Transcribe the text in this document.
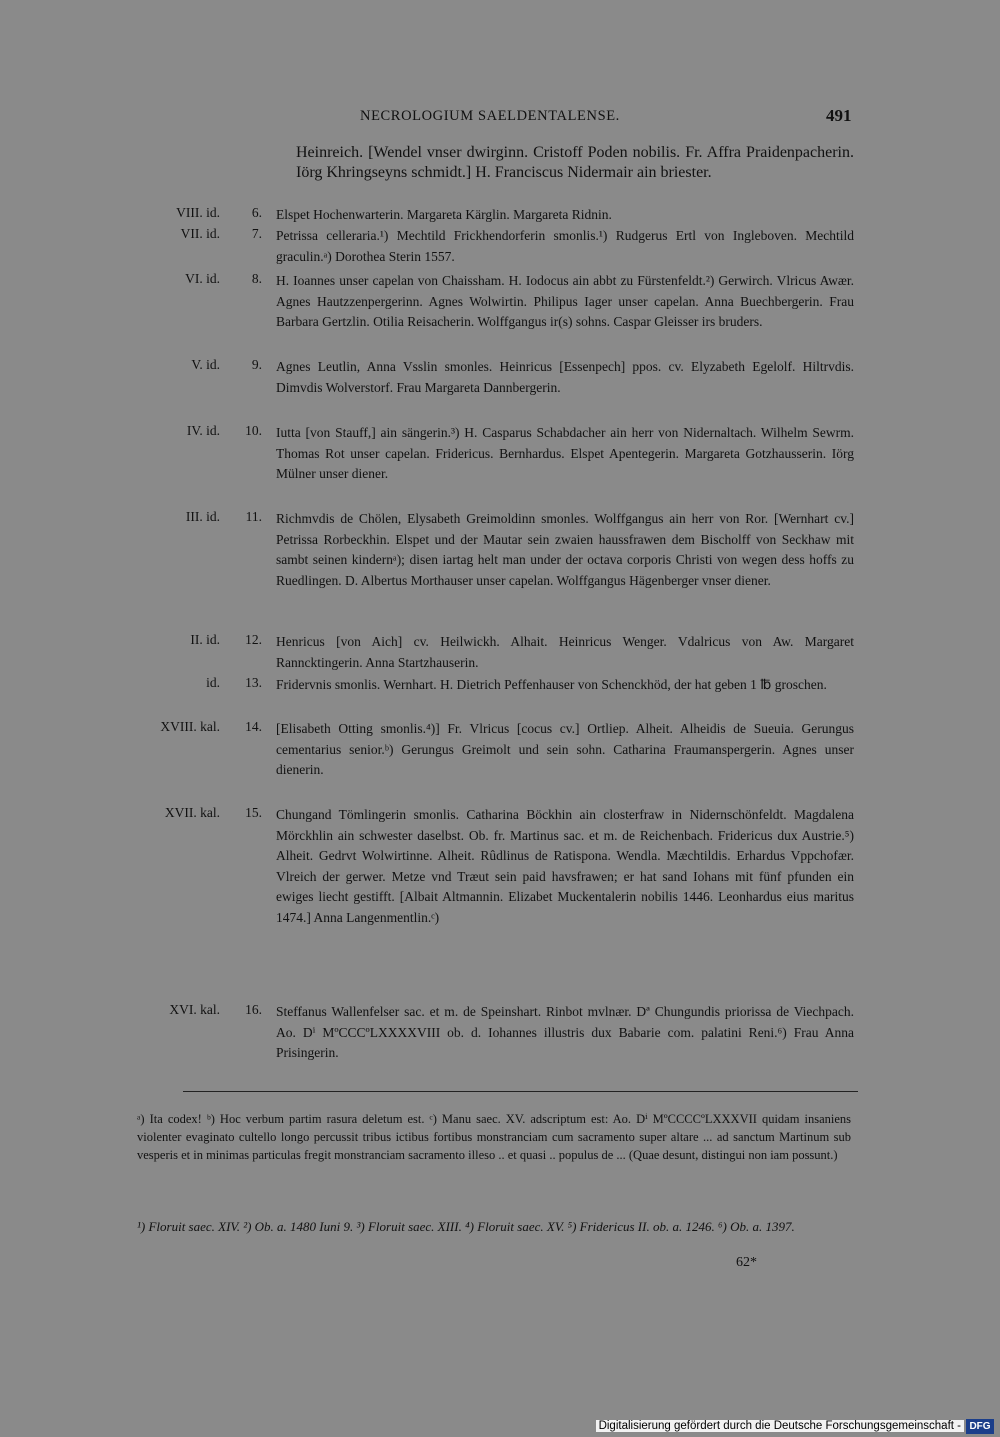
NECROLOGIUM SAELDENTALENSE.	491
Heinreich. [Wendel vnser dwirginn. Cristoff Poden nobilis. Fr. Affra Praidenpacherin. Iörg Khringseyns schmidt.] H. Franciscus Nidermair ain briester.
VIII. id.	6. Elspet Hochenwarterin. Margareta Kärglin. Margareta Ridnin.
VII. id.	7. Petrissa celleraria.¹) Mechtild Frickhendorferin smonlis.¹) Rudgerus Ertl von Ingleboven. Mechtild graculin.ᵃ) Dorothea Sterin 1557.
VI. id.	8. H. Ioannes unser capelan von Chaissham. H. Iodocus ain abbt zu Fürstenfeldt.²) Gerwirch. Vlricus Awær. Agnes Hautzzenpergerinn. Agnes Wolwirtin. Philipus Iager unser capelan. Anna Buechbergerin. Frau Barbara Gertzlin. Otilia Reisacherin. Wolffgangus ir(s) sohns. Caspar Gleisser irs bruders.
V. id.	9. Agnes Leutlin, Anna Vsslin smonles. Heinricus [Essenpech] ppos. cv. Elyzabeth Egelolf. Hiltrvdis. Dimvdis Wolverstorf. Frau Margareta Dannbergerin.
IV. id.	10. Iutta [von Stauff,] ain sängerin.³) H. Casparus Schabdacher ain herr von Nidernaltach. Wilhelm Sewrm. Thomas Rot unser capelan. Fridericus. Bernhardus. Elspet Apentegerin. Margareta Gotzhausserin. Iörg Mülner unser diener.
III. id.	11. Richmvdis de Chölen, Elysabeth Greimoldinn smonles. Wolffgangus ain herr von Ror. [Wernhart cv.] Petrissa Rorbeckhin. Elspet und der Mautar sein zwaien haussfrawen dem Bischolff von Seckhaw mit sambt seinen kindernᵃ); disen iartag helt man under der octava corporis Christi von wegen dess hoffs zu Ruedlingen. D. Albertus Morthauser unser capelan. Wolffgangus Hägenberger vnser diener.
II. id.	12. Henricus [von Aich] cv. Heilwickh. Alhait. Heinricus Wenger. Vdalricus von Aw. Margaret Ranncktingerin. Anna Startzhauserin.
id.	13. Fridervnis smonlis. Wernhart. H. Dietrich Peffenhauser von Schenckhöd, der hat geben 1 ℔ groschen.
XVIII. kal.	14. [Elisabeth Otting smonlis.⁴)] Fr. Vlricus [cocus cv.] Ortliep. Alheit. Alheidis de Sueuia. Gerungus cementarius senior.ᵇ) Gerungus Greimolt und sein sohn. Catharina Fraumanspergerin. Agnes unser dienerin.
XVII. kal.	15. Chungand Tömlingerin smonlis. Catharina Böckhin ain closterfraw in Nidernschönfeldt. Magdalena Mörckhlin ain schwester daselbst. Ob. fr. Martinus sac. et m. de Reichenbach. Fridericus dux Austrie.⁵) Alheit. Gedrvt Wolwirtinne. Alheit. Rûdlinus de Ratispona. Wendla. Mæchtildis. Erhardus Vppchofær. Vlreich der gerwer. Metze vnd Træut sein paid havsfrawen; er hat sand Iohans mit fünf pfunden ein ewiges liecht gestifft. [Albait Altmannin. Elizabet Muckentalerin nobilis 1446. Leonhardus eius maritus 1474.] Anna Langenmentlin.ᶜ)
XVI. kal.	16. Steffanus Wallenfelser sac. et m. de Speinshart. Rinbot mvlnær. Dª Chungundis priorissa de Viechpach. Ao. Dⁱ MºCCCºLXXXXVIII ob. d. Iohannes illustris dux Babarie com. palatini Reni.⁶) Frau Anna Prisingerin.
ᵃ) Ita codex! ᵇ) Hoc verbum partim rasura deletum est. ᶜ) Manu saec. XV. adscriptum est: Ao. Dⁱ MºCCCCºLXXXVII quidam insaniens violenter evaginato cultello longo percussit tribus ictibus fortibus monstranciam cum sacramento super altare ... ad sanctum Martinum sub vesperis et in minimas particulas fregit monstranciam sacramento illeso .. et quasi .. populus de ... (Quae desunt, distingui non iam possunt.)
¹) Floruit saec. XIV. ²) Ob. a. 1480 Iuni 9. ³) Floruit saec. XIII. ⁴) Floruit saec. XV. ⁵) Fridericus II. ob. a. 1246. ⁶) Ob. a. 1397.
62*
Digitalisierung gefördert durch die Deutsche Forschungsgemeinschaft - DFG
